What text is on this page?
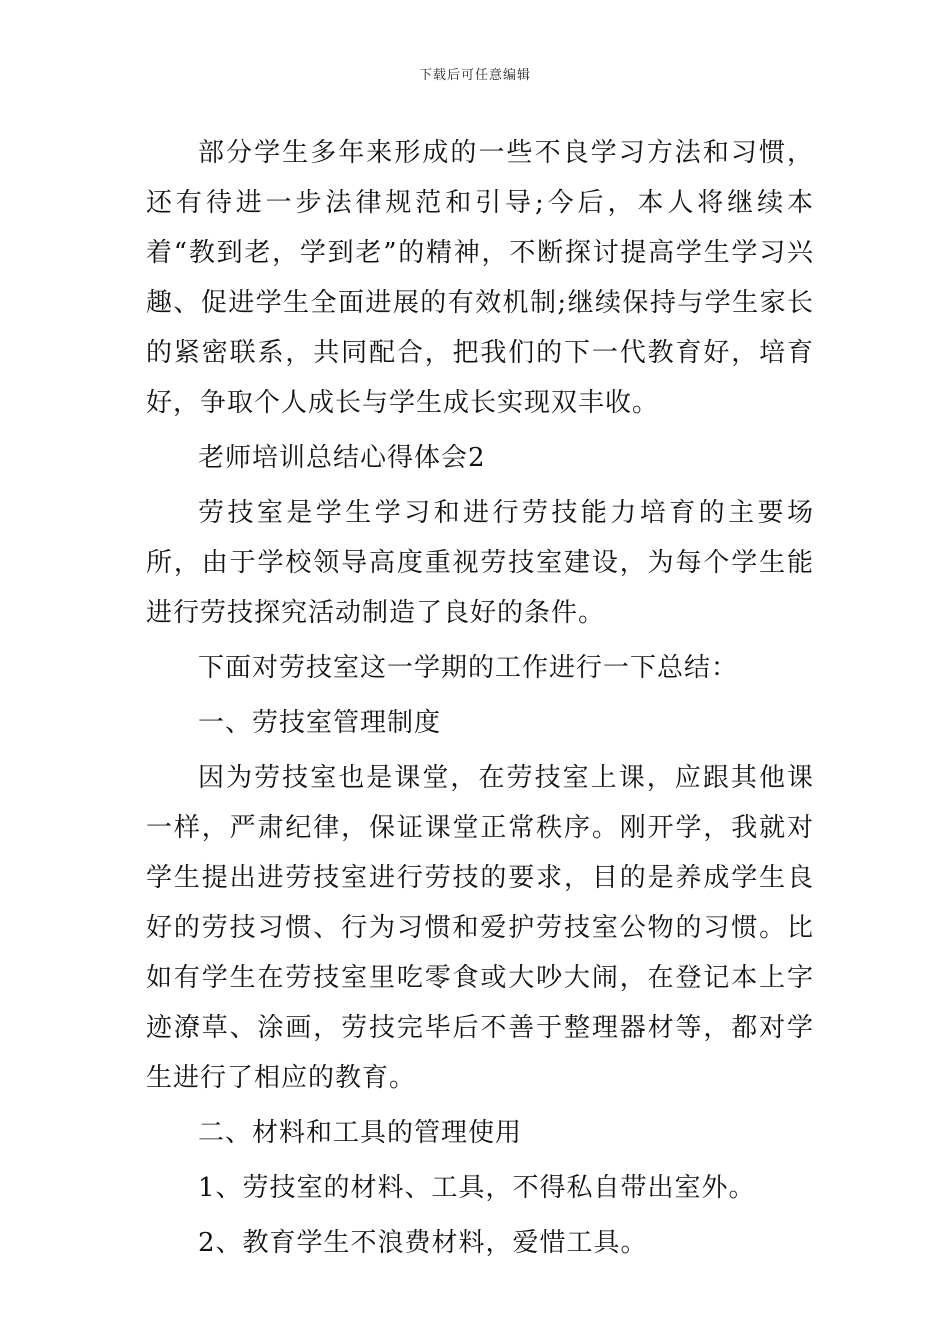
下载后可任意编辑

部分学生多年来形成的一些不良学习方法和习惯，还有待进一步法律规范和引导;今后，本人将继续本着“教到老，学到老”的精神，不断探讨提高学生学习兴趣、促进学生全面进展的有效机制;继续保持与学生家长的紧密联系，共同配合，把我们的下一代教育好，培育好，争取个人成长与学生成长实现双丰收。

老师培训总结心得体会2

劳技室是学生学习和进行劳技能力培育的主要场所，由于学校领导高度重视劳技室建设，为每个学生能进行劳技探究活动制造了良好的条件。

下面对劳技室这一学期的工作进行一下总结：

一、劳技室管理制度

因为劳技室也是课堂，在劳技室上课，应跟其他课一样，严肃纪律，保证课堂正常秩序。刚开学，我就对学生提出进劳技室进行劳技的要求，目的是养成学生良好的劳技习惯、行为习惯和爱护劳技室公物的习惯。比如有学生在劳技室里吃零食或大吵大闹，在登记本上字迹潦草、涂画，劳技完毕后不善于整理器材等，都对学生进行了相应的教育。

二、材料和工具的管理使用

1、劳技室的材料、工具，不得私自带出室外。

2、教育学生不浪费材料，爱惜工具。
